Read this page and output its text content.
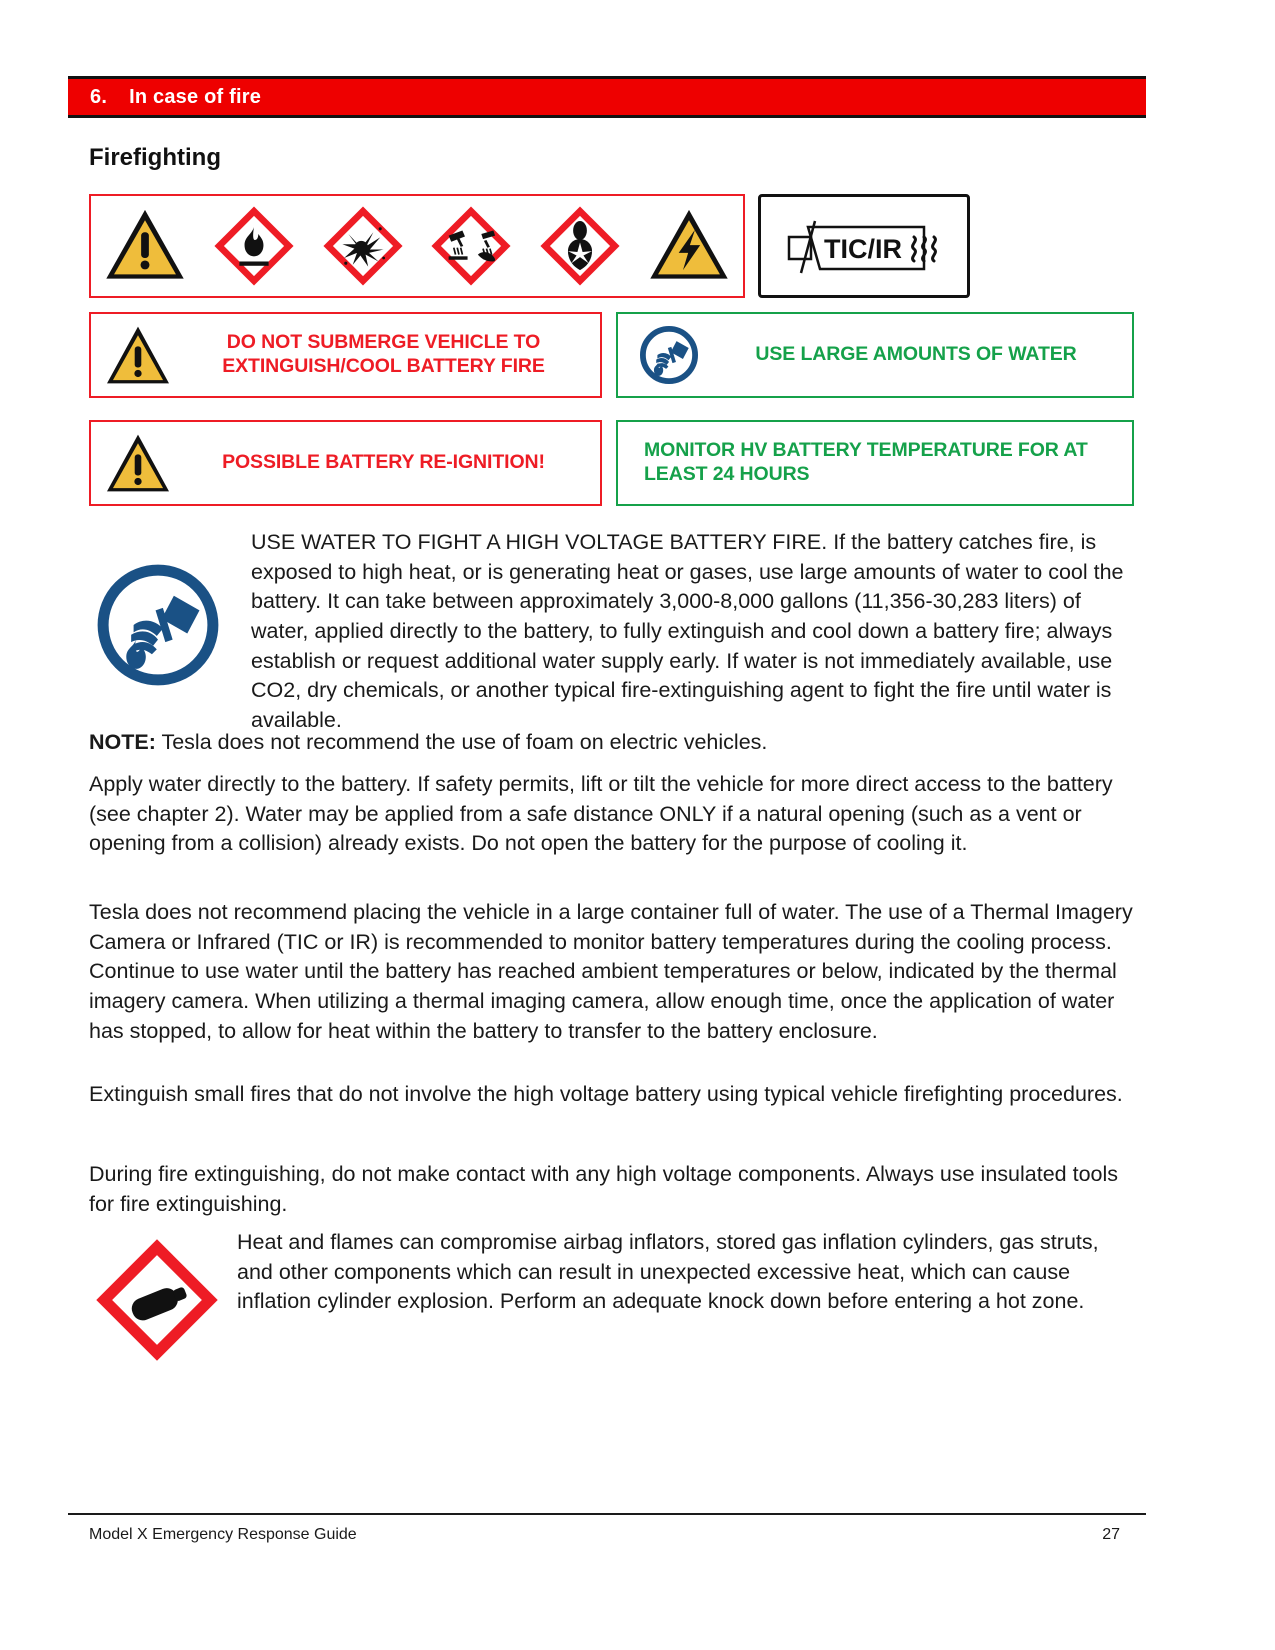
6. In case of fire
Firefighting
TIC/IR
DO NOT SUBMERGE VEHICLE TO EXTINGUISH/COOL BATTERY FIRE
USE LARGE AMOUNTS OF WATER
POSSIBLE BATTERY RE-IGNITION!
MONITOR HV BATTERY TEMPERATURE FOR AT LEAST 24 HOURS
USE WATER TO FIGHT A HIGH VOLTAGE BATTERY FIRE. If the battery catches fire, is exposed to high heat, or is generating heat or gases, use large amounts of water to cool the battery. It can take between approximately 3,000-8,000 gallons (11,356-30,283 liters) of water, applied directly to the battery, to fully extinguish and cool down a battery fire; always establish or request additional water supply early. If water is not immediately available, use CO2, dry chemicals, or another typical fire-extinguishing agent to fight the fire until water is available.
NOTE: Tesla does not recommend the use of foam on electric vehicles.
Apply water directly to the battery. If safety permits, lift or tilt the vehicle for more direct access to the battery (see chapter 2). Water may be applied from a safe distance ONLY if a natural opening (such as a vent or opening from a collision) already exists. Do not open the battery for the purpose of cooling it.
Tesla does not recommend placing the vehicle in a large container full of water. The use of a Thermal Imagery Camera or Infrared (TIC or IR) is recommended to monitor battery temperatures during the cooling process. Continue to use water until the battery has reached ambient temperatures or below, indicated by the thermal imagery camera. When utilizing a thermal imaging camera, allow enough time, once the application of water has stopped, to allow for heat within the battery to transfer to the battery enclosure.
Extinguish small fires that do not involve the high voltage battery using typical vehicle firefighting procedures.
During fire extinguishing, do not make contact with any high voltage components. Always use insulated tools for fire extinguishing.
Heat and flames can compromise airbag inflators, stored gas inflation cylinders, gas struts, and other components which can result in unexpected excessive heat, which can cause inflation cylinder explosion. Perform an adequate knock down before entering a hot zone.
Model X Emergency Response Guide	27
